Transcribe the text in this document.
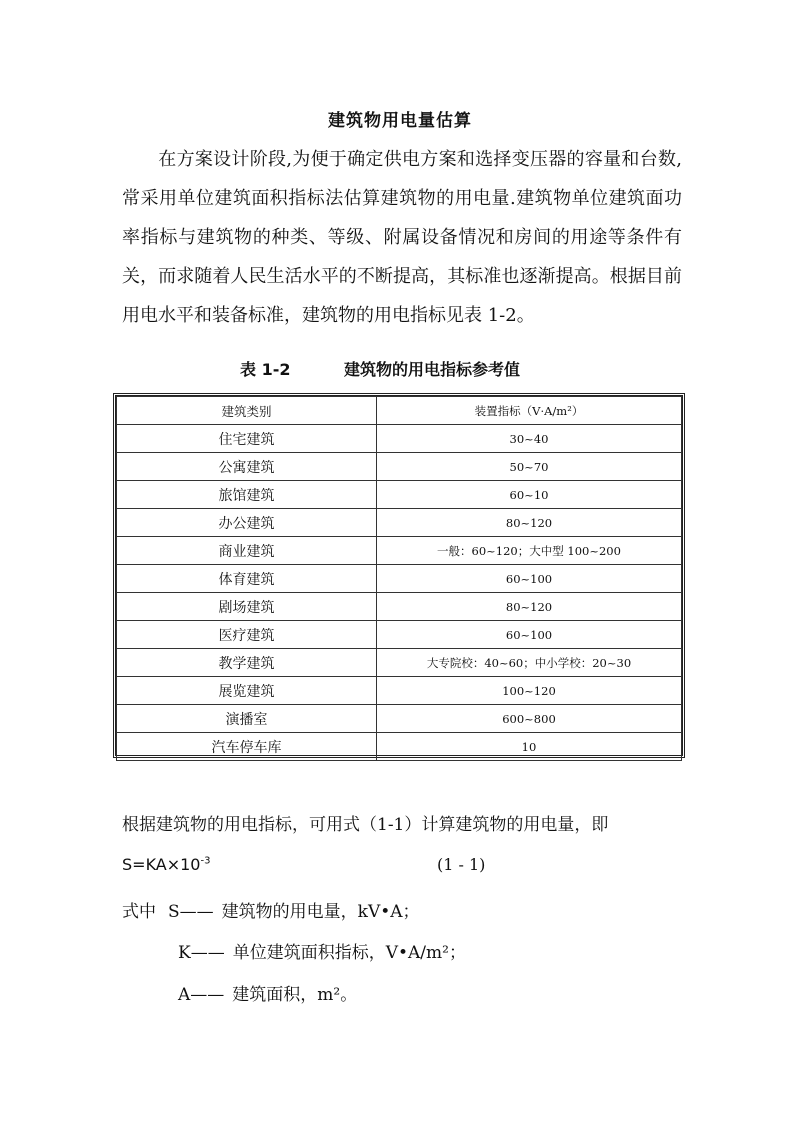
建筑物用电量估算

在方案设计阶段,为便于确定供电方案和选择变压器的容量和台数,常采用单位建筑面积指标法估算建筑物的用电量.建筑物单位建筑面功率指标与建筑物的种类、等级、附属设备情况和房间的用途等条件有关，而求随着人民生活水平的不断提高，其标准也逐渐提高。根据目前用电水平和装备标准，建筑物的用电指标见表 1-2。

表 1-2	建筑物的用电指标参考值
建筑类别	装置指标（V·A/m²）
住宅建筑	30~40
公寓建筑	50~70
旅馆建筑	60~10
办公建筑	80~120
商业建筑	一般：60~120；大中型 100~200
体育建筑	60~100
剧场建筑	80~120
医疗建筑	60~100
教学建筑	大专院校：40~60；中小学校：20~30
展览建筑	100~120
演播室	600~800
汽车停车库	10
根据建筑物的用电指标，可用式（1-1）计算建筑物的用电量，即
$S=KA\times 10^{-3}$	(1 - 1)
式中 S—— 建筑物的用电量，kV•A；
K—— 单位建筑面积指标，V•A/m²；
A—— 建筑面积，m²。
